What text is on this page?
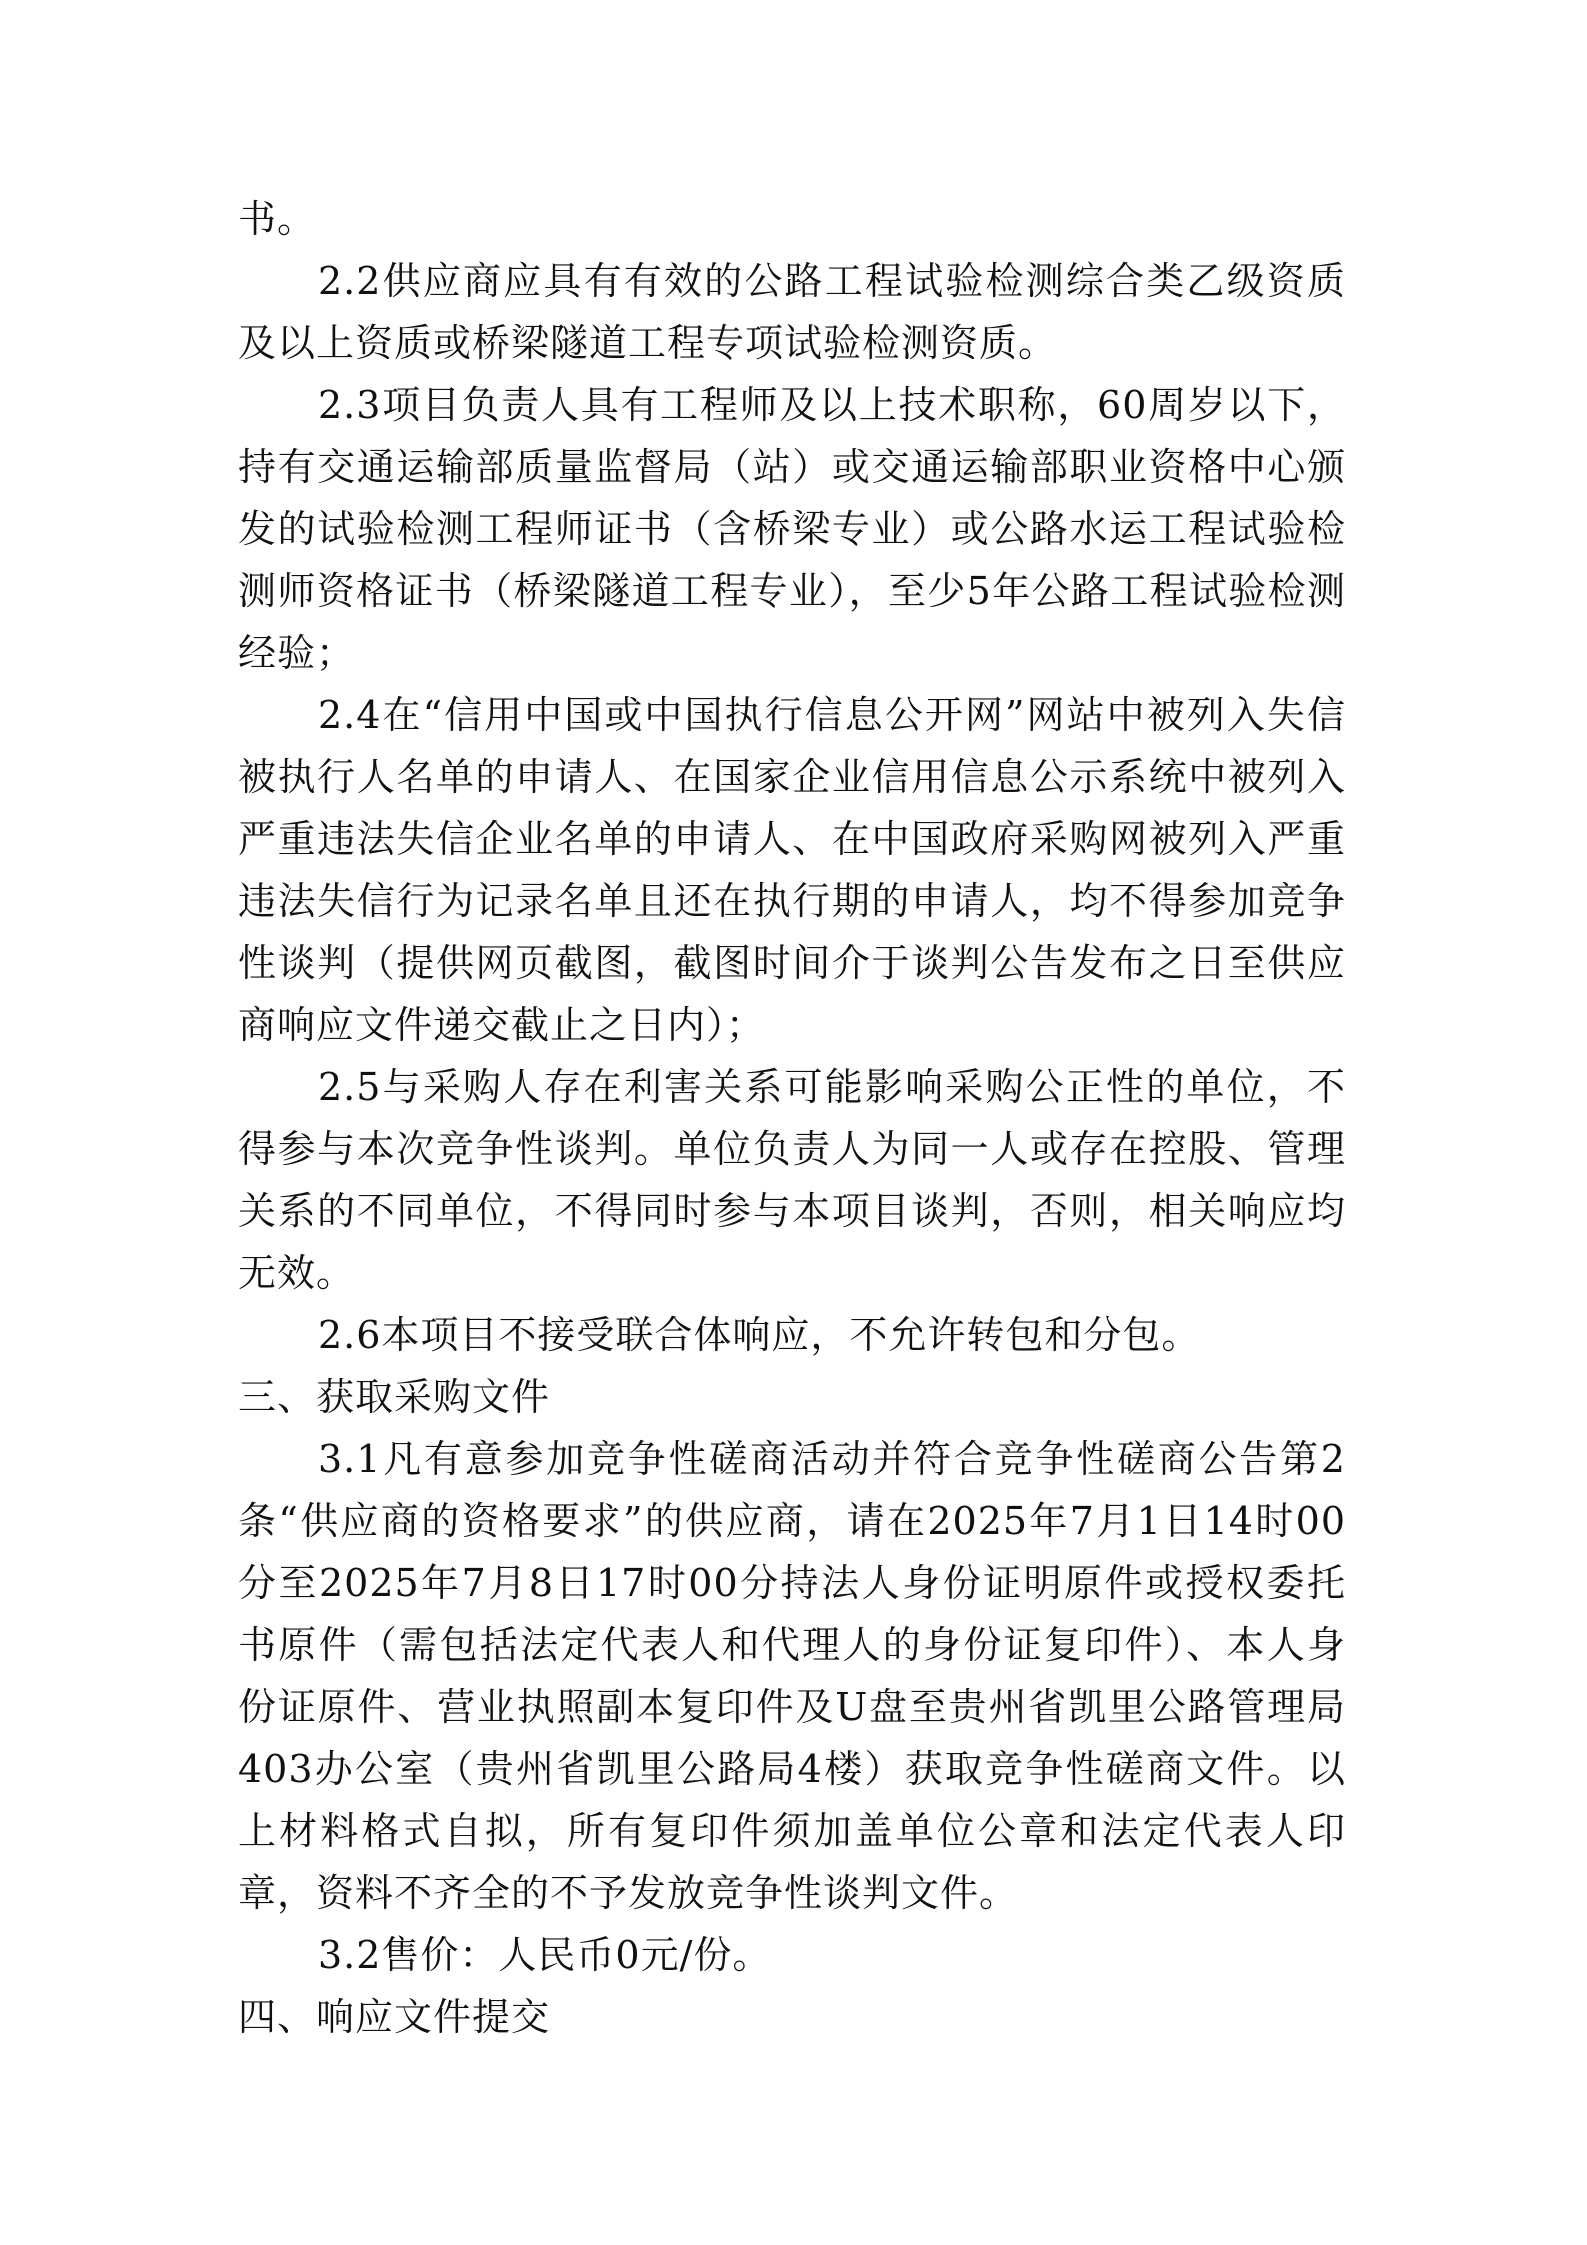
书。

2.2供应商应具有有效的公路工程试验检测综合类乙级资质及以上资质或桥梁隧道工程专项试验检测资质。

2.3项目负责人具有工程师及以上技术职称，60周岁以下，持有交通运输部质量监督局（站）或交通运输部职业资格中心颁发的试验检测工程师证书（含桥梁专业）或公路水运工程试验检测师资格证书（桥梁隧道工程专业），至少5年公路工程试验检测经验；

2.4在“信用中国或中国执行信息公开网”网站中被列入失信被执行人名单的申请人、在国家企业信用信息公示系统中被列入严重违法失信企业名单的申请人、在中国政府采购网被列入严重违法失信行为记录名单且还在执行期的申请人，均不得参加竞争性谈判（提供网页截图，截图时间介于谈判公告发布之日至供应商响应文件递交截止之日内）；

2.5与采购人存在利害关系可能影响采购公正性的单位，不得参与本次竞争性谈判。单位负责人为同一人或存在控股、管理关系的不同单位，不得同时参与本项目谈判，否则，相关响应均无效。

2.6本项目不接受联合体响应，不允许转包和分包。

三、获取采购文件

3.1凡有意参加竞争性磋商活动并符合竞争性磋商公告第2条“供应商的资格要求”的供应商，请在2025年7月1日14时00分至2025年7月8日17时00分持法人身份证明原件或授权委托书原件（需包括法定代表人和代理人的身份证复印件）、本人身份证原件、营业执照副本复印件及U盘至贵州省凯里公路管理局403办公室（贵州省凯里公路局4楼）获取竞争性磋商文件。以上材料格式自拟，所有复印件须加盖单位公章和法定代表人印章，资料不齐全的不予发放竞争性谈判文件。

3.2售价：人民币0元/份。

四、响应文件提交
